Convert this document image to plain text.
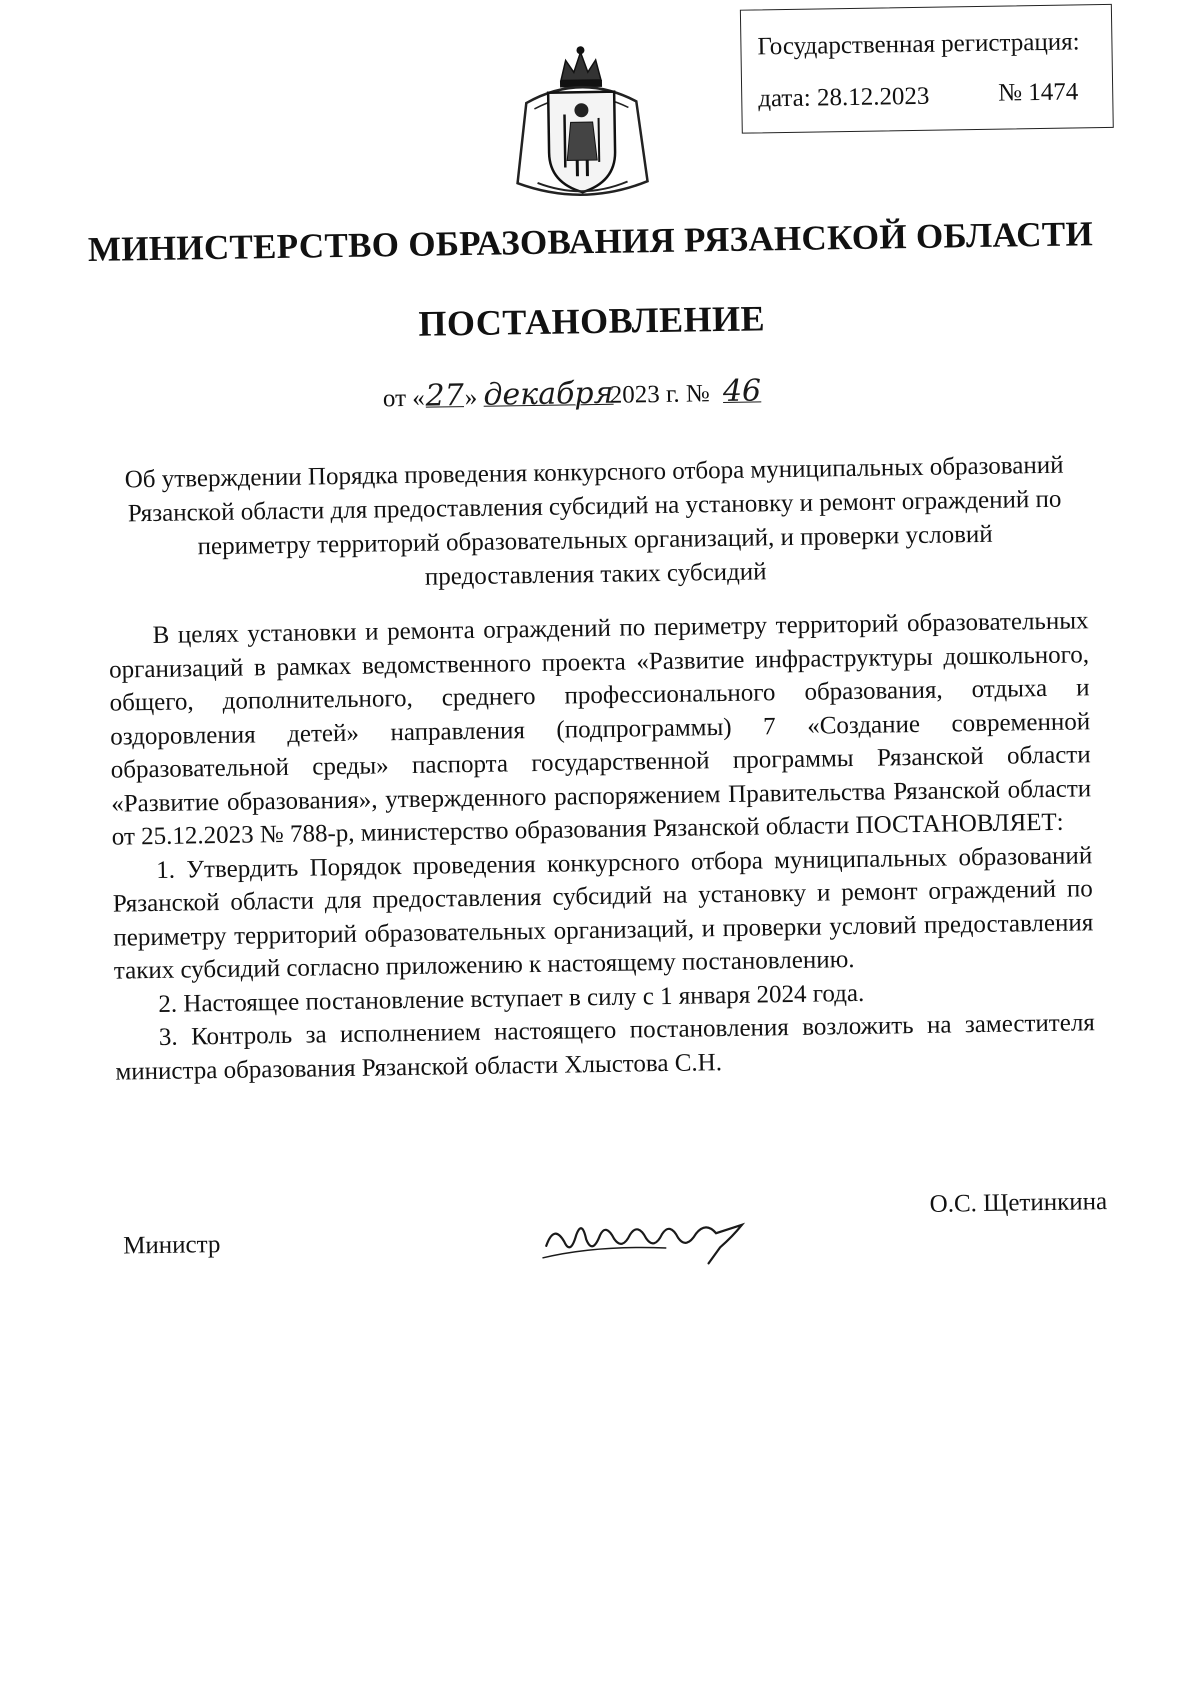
Государственная регистрация:
дата: 28.12.2023	№ 1474
МИНИСТЕРСТВО ОБРАЗОВАНИЯ РЯЗАНСКОЙ ОБЛАСТИ
ПОСТАНОВЛЕНИЕ
от «27» декабря 2023 г. № 46
Об утверждении Порядка проведения конкурсного отбора муниципальных образований Рязанской области для предоставления субсидий на установку и ремонт ограждений по периметру территорий образовательных организаций, и проверки условий предоставления таких субсидий

В целях установки и ремонта ограждений по периметру территорий образовательных организаций в рамках ведомственного проекта «Развитие инфраструктуры дошкольного, общего, дополнительного, среднего профессионального образования, отдыха и оздоровления детей» направления (подпрограммы) 7 «Создание современной образовательной среды» паспорта государственной программы Рязанской области «Развитие образования», утвержденного распоряжением Правительства Рязанской области от 25.12.2023 № 788-р, министерство образования Рязанской области ПОСТАНОВЛЯЕТ:

1. Утвердить Порядок проведения конкурсного отбора муниципальных образований Рязанской области для предоставления субсидий на установку и ремонт ограждений по периметру территорий образовательных организаций, и проверки условий предоставления таких субсидий согласно приложению к настоящему постановлению.

2. Настоящее постановление вступает в силу с 1 января 2024 года.

3. Контроль за исполнением настоящего постановления возложить на заместителя министра образования Рязанской области Хлыстова С.Н.

Министр
О.С. Щетинкина
